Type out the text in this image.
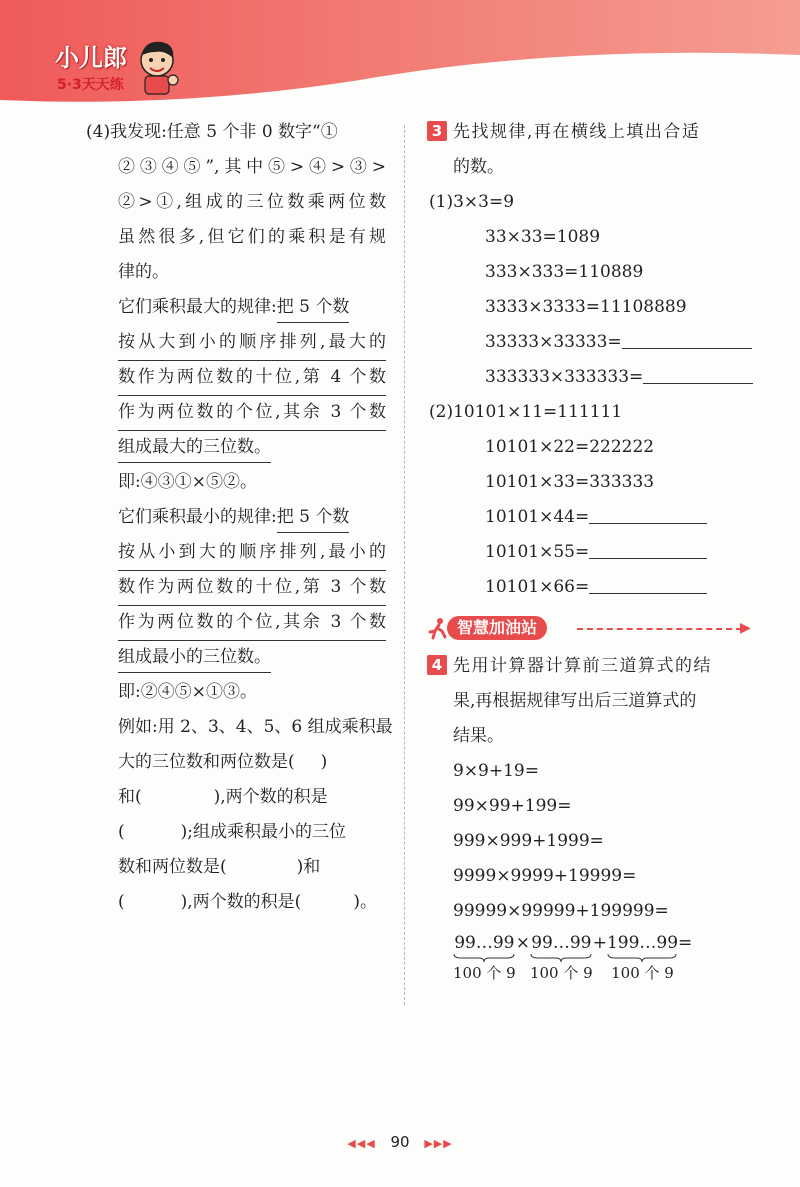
小儿郎
5·3天天练
(4)我发现:任意 5 个非 0 数字“①
②③④⑤”,其中⑤>④>③>
②>①,组成的三位数乘两位数
虽然很多,但它们的乘积是有规
律的。
它们乘积最大的规律:把 5 个数
按从大到小的顺序排列,最大的
数作为两位数的十位,第 4 个数
作为两位数的个位,其余 3 个数
组成最大的三位数。
即:④③①×⑤②。
它们乘积最小的规律:把 5 个数
按从小到大的顺序排列,最小的
数作为两位数的十位,第 3 个数
作为两位数的个位,其余 3 个数
组成最小的三位数。
即:②④⑤×①③。
例如:用 2、3、4、5、6 组成乘积最
大的三位数和两位数是( )
和(	),两个数的积是
(	);组成乘积最小的三位
数和两位数是(	)和
(	),两个数的积是(	)。
3 先找规律,再在横线上填出合适
的数。
(1)3×3=9
33×33=1089
333×333=110889
3333×3333=11108889
33333×33333=
333333×333333=
(2)10101×11=111111
10101×22=222222
10101×33=333333
10101×44=
10101×55=
10101×66=
智慧加油站	▶
4 先用计算器计算前三道算式的结
果,再根据规律写出后三道算式的
结果。
9×9+19=
99×99+199=
999×999+1999=
9999×9999+19999=
99999×99999+199999=
99…99
100 个 9
× 99…99
100 个 9
+ 199…99
100 个 9
=
◀◀◀ 90 ▶▶▶
